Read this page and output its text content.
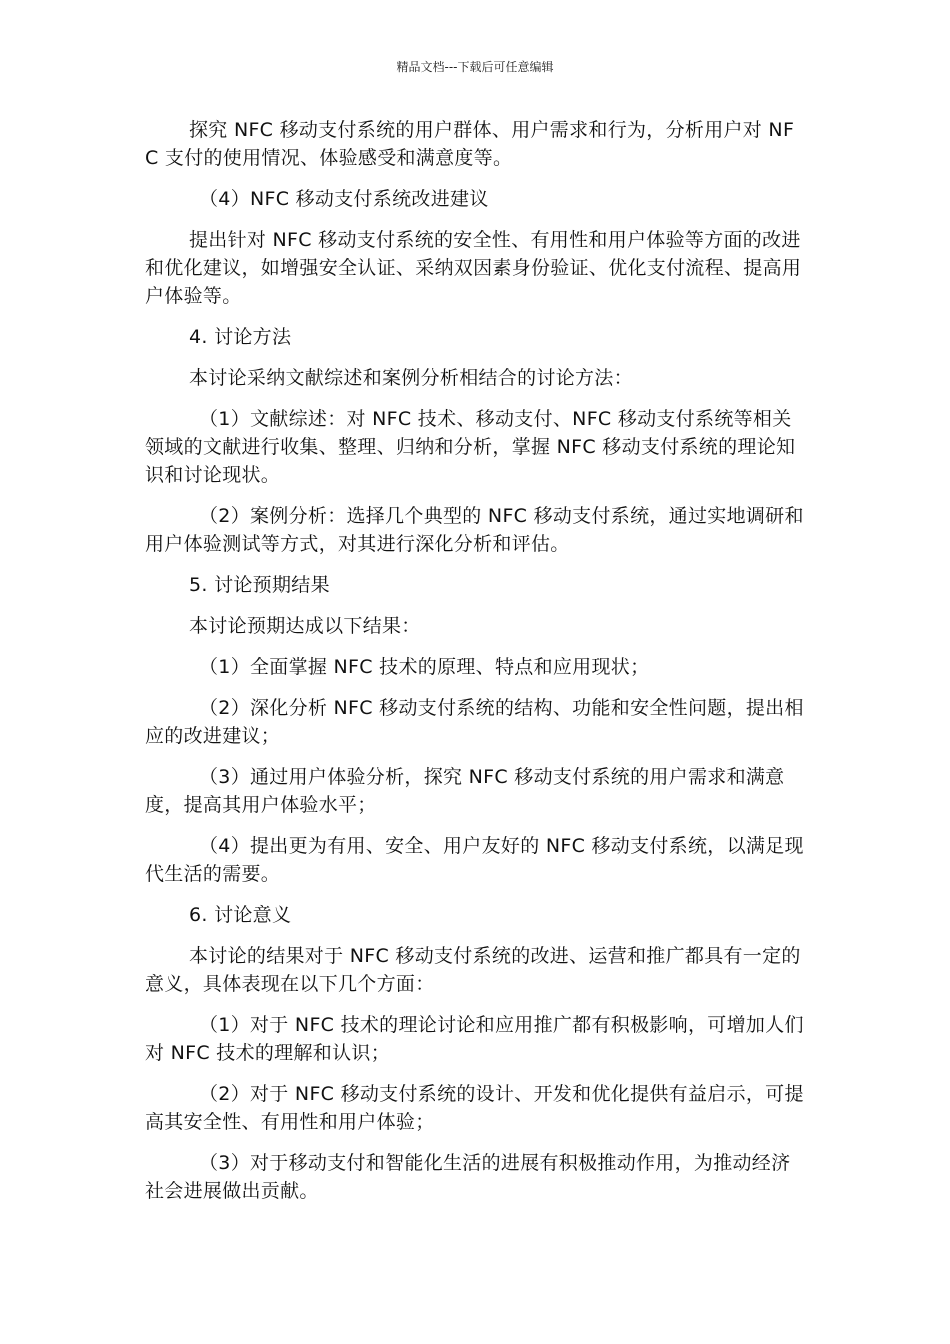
精品文档---下载后可任意编辑

探究 NFC 移动支付系统的用户群体、用户需求和行为，分析用户对 NFC 支付的使用情况、体验感受和满意度等。

（4）NFC 移动支付系统改进建议

提出针对 NFC 移动支付系统的安全性、有用性和用户体验等方面的改进和优化建议，如增强安全认证、采纳双因素身份验证、优化支付流程、提高用户体验等。

4. 讨论方法

本讨论采纳文献综述和案例分析相结合的讨论方法：

（1）文献综述：对 NFC 技术、移动支付、NFC 移动支付系统等相关领域的文献进行收集、整理、归纳和分析，掌握 NFC 移动支付系统的理论知识和讨论现状。

（2）案例分析：选择几个典型的 NFC 移动支付系统，通过实地调研和用户体验测试等方式，对其进行深化分析和评估。

5. 讨论预期结果

本讨论预期达成以下结果：

（1）全面掌握 NFC 技术的原理、特点和应用现状；

（2）深化分析 NFC 移动支付系统的结构、功能和安全性问题，提出相应的改进建议；

（3）通过用户体验分析，探究 NFC 移动支付系统的用户需求和满意度，提高其用户体验水平；

（4）提出更为有用、安全、用户友好的 NFC 移动支付系统，以满足现代生活的需要。

6. 讨论意义

本讨论的结果对于 NFC 移动支付系统的改进、运营和推广都具有一定的意义，具体表现在以下几个方面：

（1）对于 NFC 技术的理论讨论和应用推广都有积极影响，可增加人们对 NFC 技术的理解和认识；

（2）对于 NFC 移动支付系统的设计、开发和优化提供有益启示，可提高其安全性、有用性和用户体验；

（3）对于移动支付和智能化生活的进展有积极推动作用，为推动经济社会进展做出贡献。
